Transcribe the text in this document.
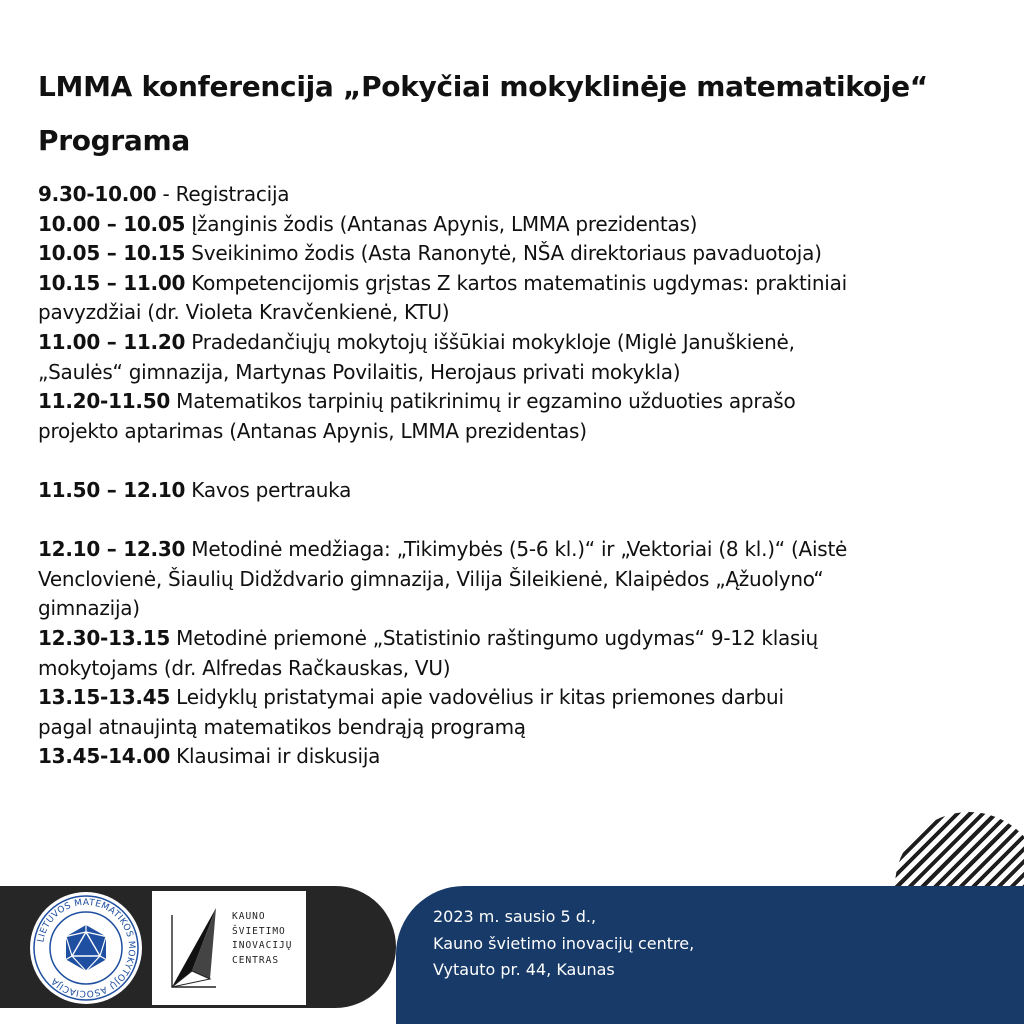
LMMA konferencija „Pokyčiai mokyklinėje matematikoje“
Programa
9.30-10.00 - Registracija
10.00 – 10.05 Įžanginis žodis (Antanas Apynis, LMMA prezidentas)
10.05 – 10.15 Sveikinimo žodis (Asta Ranonytė, NŠA direktoriaus pavaduotoja)
10.15 – 11.00 Kompetencijomis grįstas Z kartos matematinis ugdymas: praktiniai
pavyzdžiai (dr. Violeta Kravčenkienė, KTU)
11.00 – 11.20 Pradedančiųjų mokytojų iššūkiai mokykloje (Miglė Januškienė,
„Saulės“ gimnazija, Martynas Povilaitis, Herojaus privati mokykla)
11.20-11.50 Matematikos tarpinių patikrinimų ir egzamino užduoties aprašo
projekto aptarimas (Antanas Apynis, LMMA prezidentas)
11.50 – 12.10 Kavos pertrauka
12.10 – 12.30 Metodinė medžiaga: „Tikimybės (5-6 kl.)“ ir „Vektoriai (8 kl.)“ (Aistė
Venclovienė, Šiaulių Didždvario gimnazija, Vilija Šileikienė, Klaipėdos „Ąžuolyno“
gimnazija)
12.30-13.15 Metodinė priemonė „Statistinio raštingumo ugdymas“ 9-12 klasių
mokytojams (dr. Alfredas Račkauskas, VU)
13.15-13.45 Leidyklų pristatymai apie vadovėlius ir kitas priemones darbui
pagal atnaujintą matematikos bendrąją programą
13.45-14.00 Klausimai ir diskusija
LIETUVOS MATEMATIKOS MOKYTOJŲ ASOCIACIJA
KAUNO
ŠVIETIMO
INOVACIJŲ
CENTRAS
2023 m. sausio 5 d.,
Kauno švietimo inovacijų centre,
Vytauto pr. 44, Kaunas
